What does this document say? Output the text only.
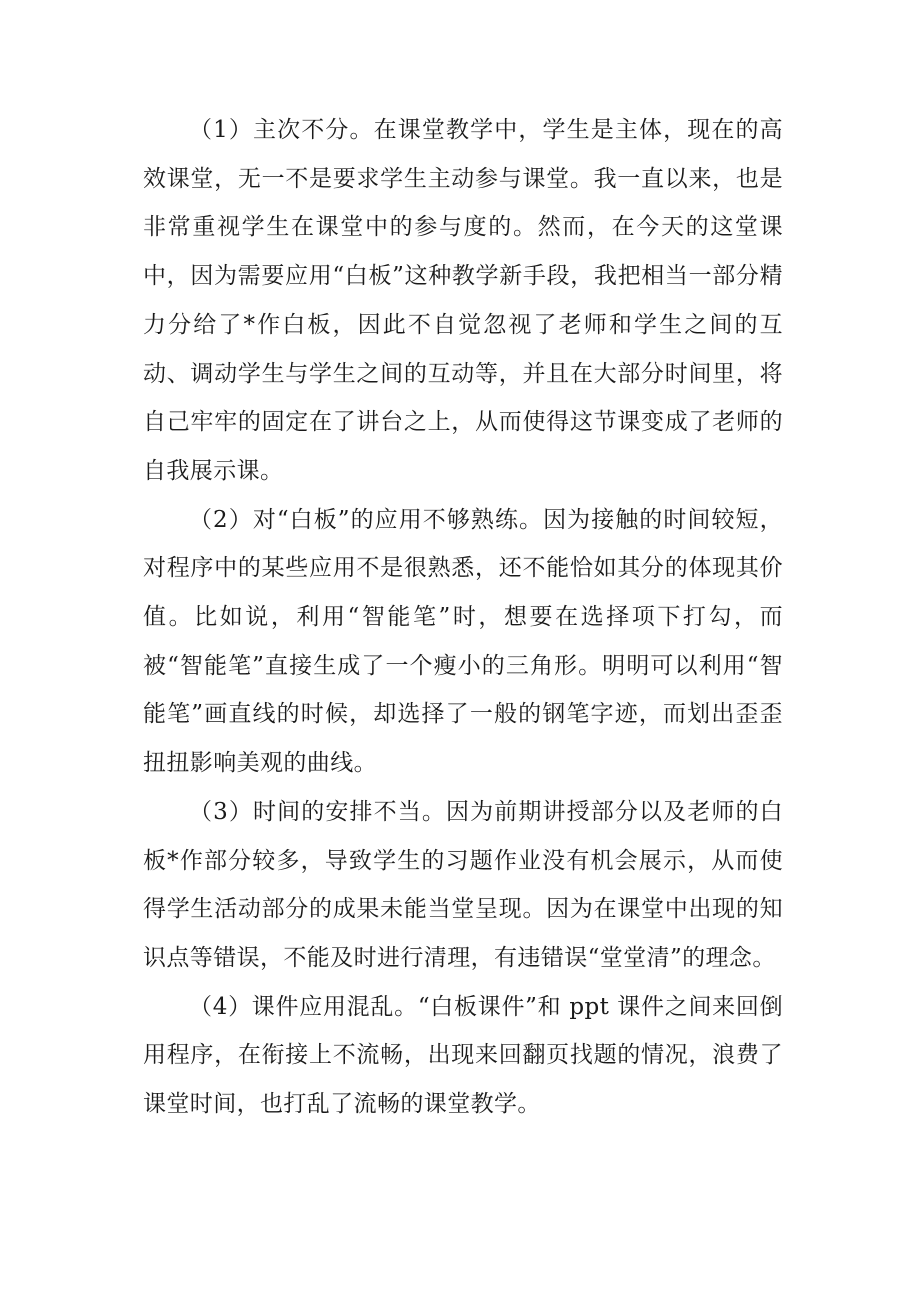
（1）主次不分。在课堂教学中，学生是主体，现在的高效课堂，无一不是要求学生主动参与课堂。我一直以来，也是非常重视学生在课堂中的参与度的。然而，在今天的这堂课中，因为需要应用“白板”这种教学新手段，我把相当一部分精力分给了*作白板，因此不自觉忽视了老师和学生之间的互动、调动学生与学生之间的互动等，并且在大部分时间里，将自己牢牢的固定在了讲台之上，从而使得这节课变成了老师的自我展示课。

（2）对“白板”的应用不够熟练。因为接触的时间较短，对程序中的某些应用不是很熟悉，还不能恰如其分的体现其价值。比如说，利用“智能笔”时，想要在选择项下打勾，而被“智能笔”直接生成了一个瘦小的三角形。明明可以利用“智能笔”画直线的时候，却选择了一般的钢笔字迹，而划出歪歪扭扭影响美观的曲线。

（3）时间的安排不当。因为前期讲授部分以及老师的白板*作部分较多，导致学生的习题作业没有机会展示，从而使得学生活动部分的成果未能当堂呈现。因为在课堂中出现的知识点等错误，不能及时进行清理，有违错误“堂堂清”的理念。

（4）课件应用混乱。“白板课件”和 ppt 课件之间来回倒用程序，在衔接上不流畅，出现来回翻页找题的情况，浪费了课堂时间，也打乱了流畅的课堂教学。
